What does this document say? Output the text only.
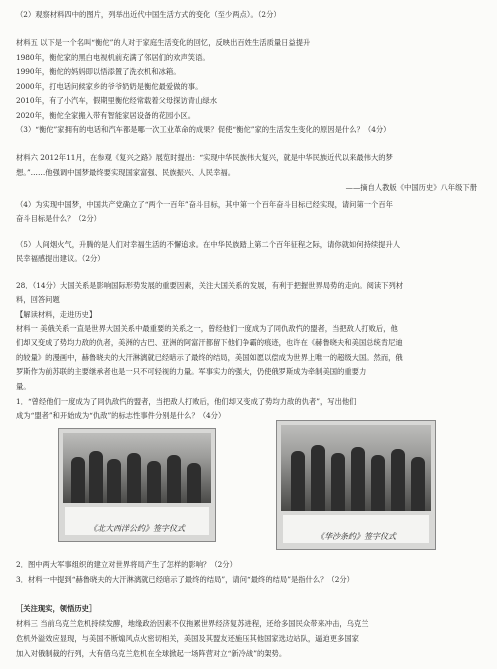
（2）观察材料四中的图片，列举出近代中国生活方式的变化（至少两点）。（2分）
材料五 以下是一个名叫“衡佗”的人对于家庭生活变化的回忆，反映出百姓生活质量日益提升
1980年，衡佗家的黑白电视机前充满了邻居们的欢声笑语。
1990年，衡佗的妈妈即以悟添置了洗衣机和冰箱。
2000年，打电话问候家乡的爷爷奶奶是衡佗最爱做的事。
2010年，有了小汽车，假期里衡佗经常载着父母探访青山绿水
2020年，衡佗全家搬入带有智能家居设备的花园小区。
（3）“衡佗”家拥有的电话和汽车都是哪一次工业革命的成果？促使“衡佗”家的生活发生变化的原因是什么？（4分）
材料六 2012年11月，在参观《复兴之路》展览时提出：“实现中华民族伟大复兴，就是中华民族近代以来最伟大的梦
想。”……他强调中国梦最终要实现国家富强、民族振兴、人民幸福。
——摘自人教版《中国历史》八年级下册
（4）为实现中国梦，中国共产党确立了“两个一百年”奋斗目标，其中第一个百年奋斗目标已经实现，请问第一个百年
奋斗目标是什么？（2分）
（5）人间烟火气，升腾的是人们对幸福生活的不懈追求。在中华民族踏上第二个百年征程之际，请你就如何持续提升人
民幸福感提出建议。（2分）
28．（14分）大国关系是影响国际形势发展的重要因素，关注大国关系的发展，有利于把握世界局势的走向。阅读下列材
料，回答问题
【解读材料，走进历史】
材料一 美俄关系一直是世界大国关系中最重要的关系之一，曾经他们一度成为了同仇敌忾的盟者，当把敌人打败后，他
们却又变成了势均力敌的仇者，美洲的古巴、亚洲的阿富汗都留下他们争霸的痕迹，也许在《赫鲁晓夫和美国总统肯尼迪
的较量》的漫画中，赫鲁晓夫的大汗淋漓就已经暗示了最终的结局，美国如愿以偿成为世界上唯一的超级大国。然而，俄
罗斯作为前苏联的主要继承者也是一只不可轻视的力量。军事实力的强大，仍使俄罗斯成为牵制美国的重要力
量。
1．“曾经他们一度成为了同仇敌忾的盟者，当把敌人打败后，他们却又变成了势均力敌的仇者”，写出他们
成为“盟者”和开始成为“仇敌”的标志性事件分别是什么？（4分）
《北大西洋公约》签字仪式
《华沙条约》签字仪式
2．图中两大军事组织的建立对世界将局产生了怎样的影响？（2分）
3．材料一中提到“赫鲁晓夫的大汗淋漓就已经暗示了最终的结局”，请问“最终的结局”是指什么？（2分）
［关注现实，领悟历史］
材料三 当前乌克兰危机持续发酵，地缘政治因素不仅拖累世界经济复苏进程，还给多国民众带来冲击，乌克兰
危机外溢效应显现，与美国不断煽风点火密切相关，美国及其盟友还施压其他国家选边站队，逼迫更多国家
加入对俄制裁的行列，大有借乌克兰危机在全球掀起一场阵营对立“新冷战”的架势。
